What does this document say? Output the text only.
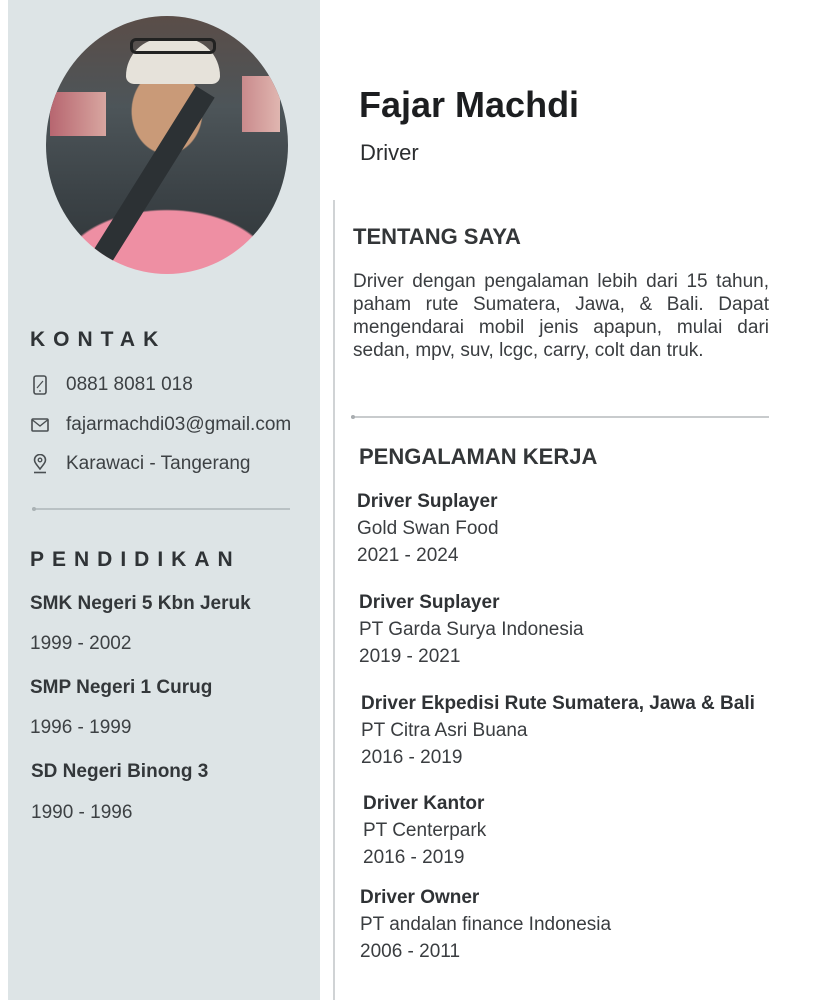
KONTAK
0881 8081 018
fajarmachdi03@gmail.com
Karawaci - Tangerang
PENDIDIKAN
SMK Negeri 5 Kbn Jeruk
1999 - 2002
SMP Negeri 1 Curug
1996 - 1999
SD Negeri Binong 3
1990 - 1996
Fajar Machdi
Driver
TENTANG SAYA
Driver dengan pengalaman lebih dari 15 tahun, paham rute Sumatera, Jawa, & Bali. Dapat mengendarai mobil jenis apapun, mulai dari sedan, mpv, suv, lcgc, carry, colt dan truk.
PENGALAMAN KERJA
Driver Suplayer
Gold Swan Food
2021 - 2024
Driver Suplayer
PT Garda Surya Indonesia
2019 - 2021
Driver Ekpedisi Rute Sumatera, Jawa & Bali
PT Citra Asri Buana
2016 - 2019
Driver Kantor
PT Centerpark
2016 - 2019
Driver Owner
PT andalan finance Indonesia
2006 - 2011
